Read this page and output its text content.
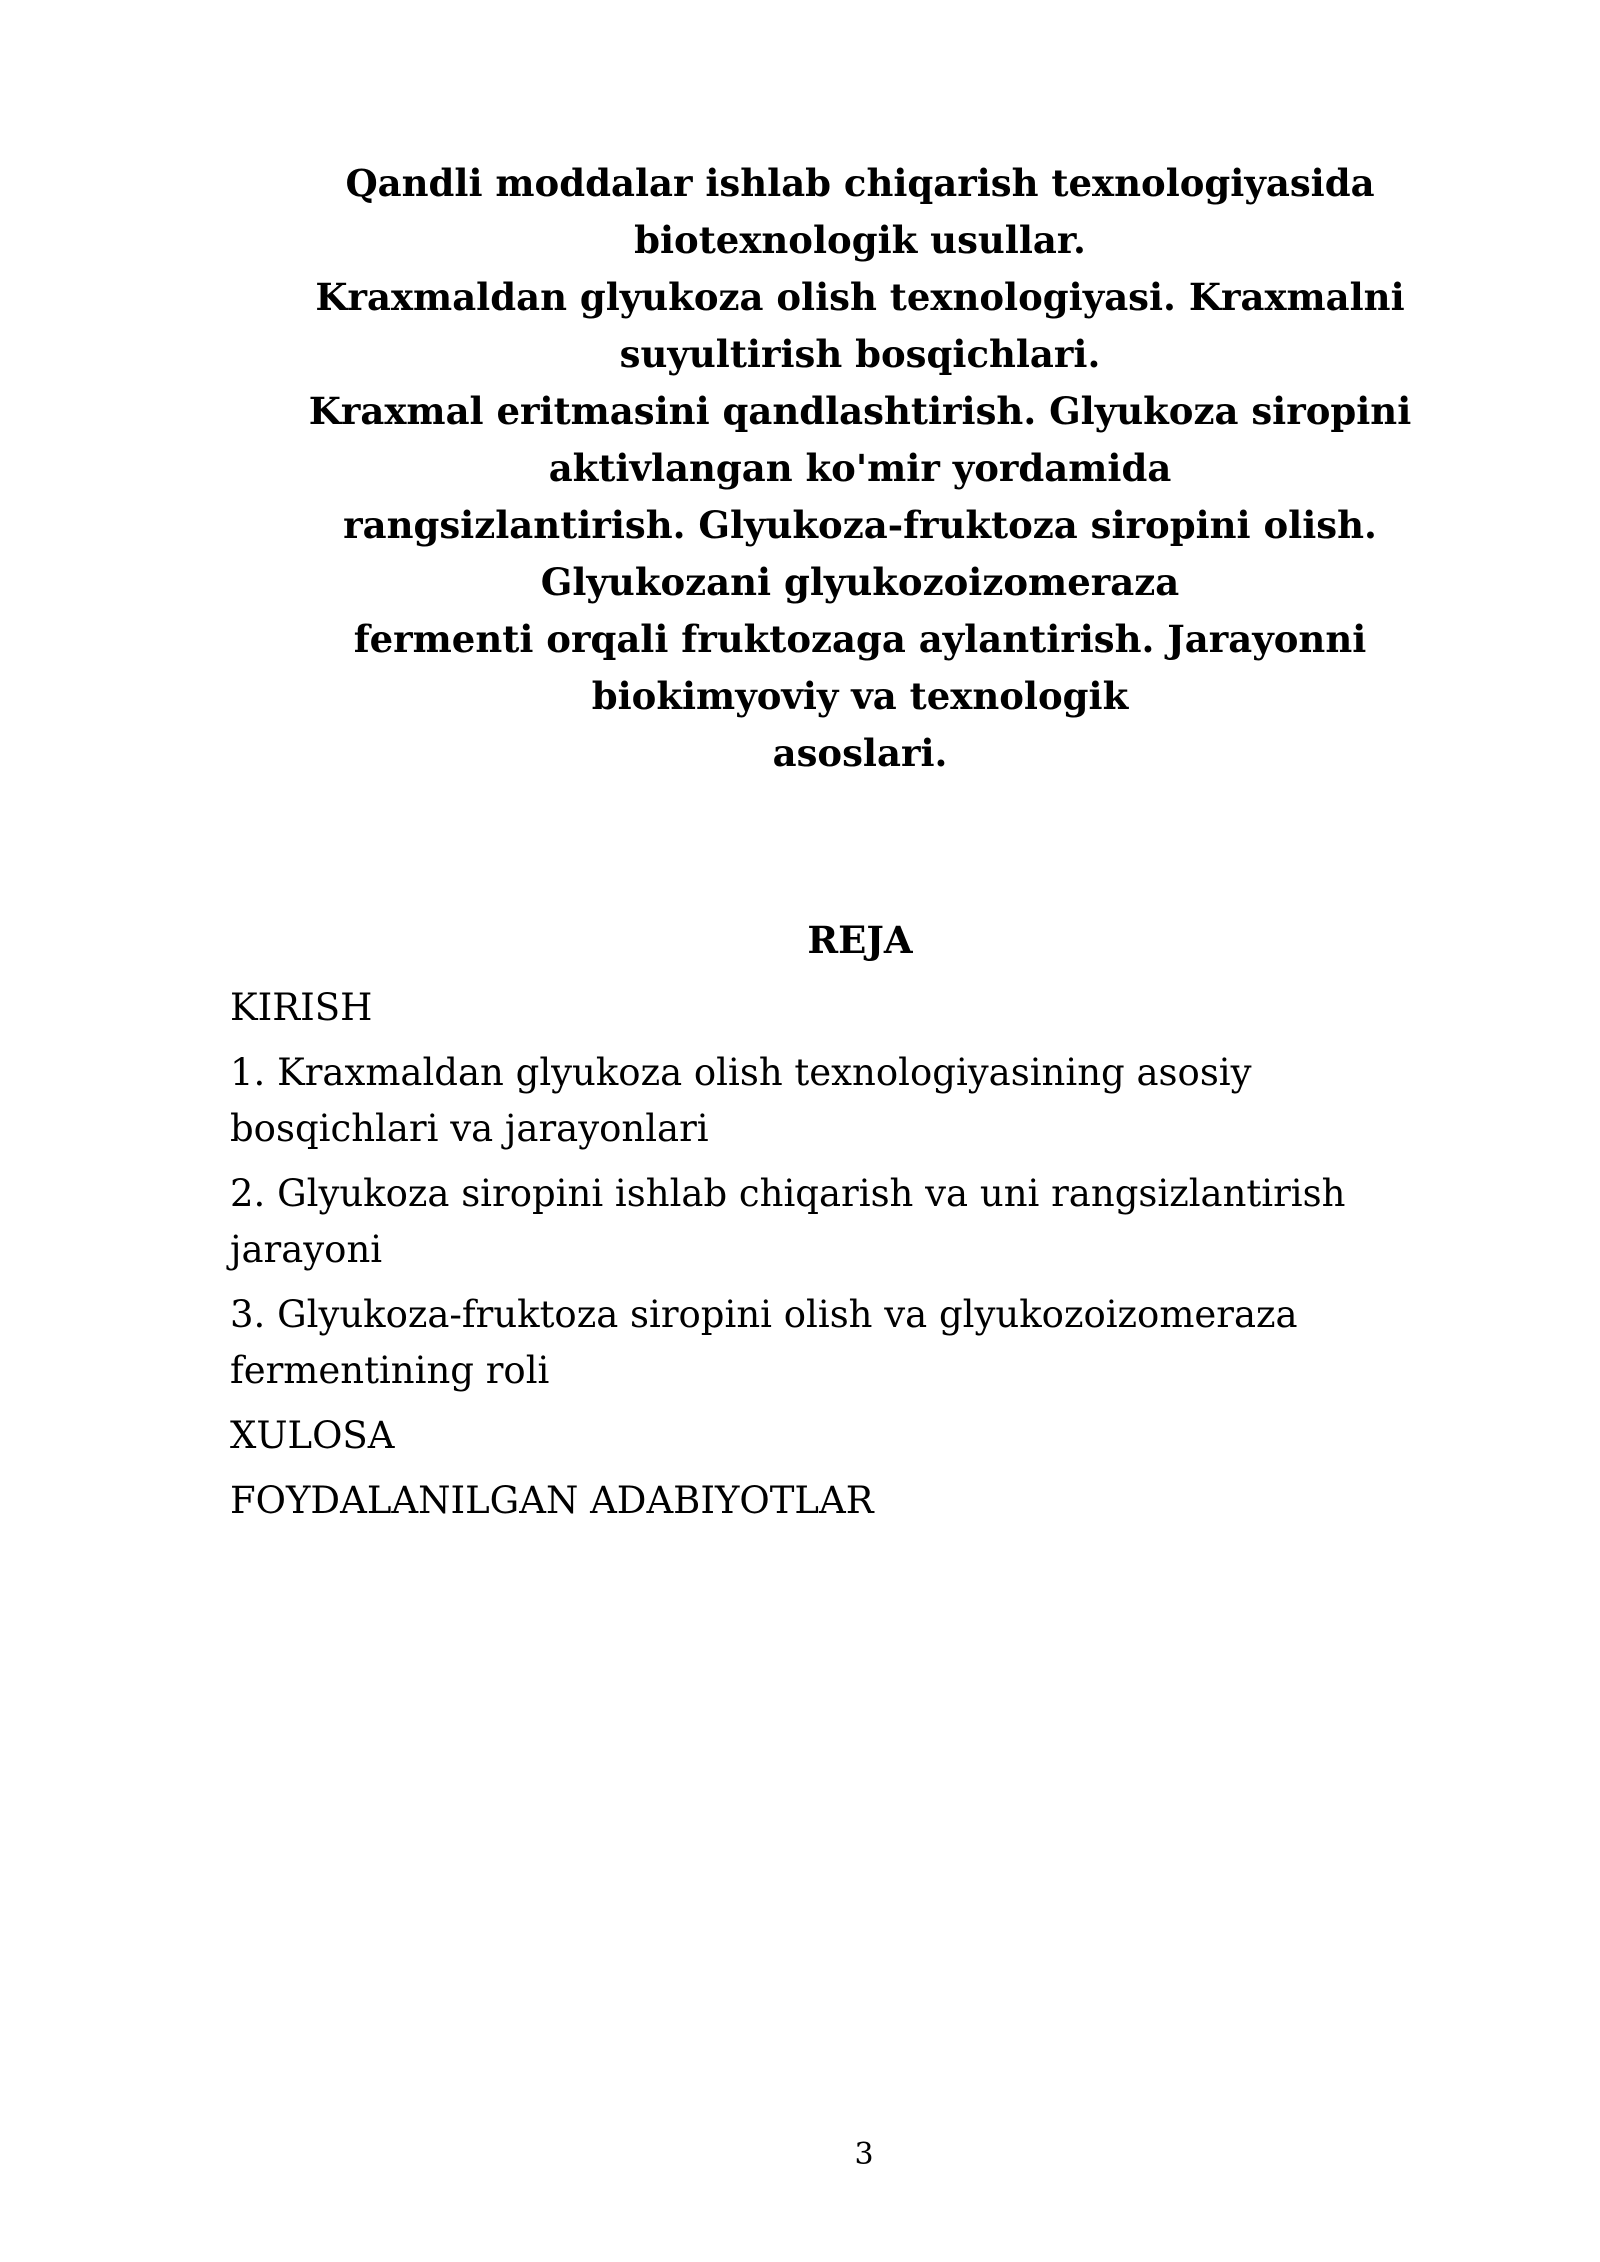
Qandli moddalar ishlab chiqarish texnologiyasida
biotexnologik usullar.
Kraxmaldan glyukoza olish texnologiyasi. Kraxmalni
suyultirish bosqichlari.
Kraxmal eritmasini qandlashtirish. Glyukoza siropini
aktivlangan ko'mir yordamida
rangsizlantirish. Glyukoza-fruktoza siropini olish.
Glyukozani glyukozoizomeraza
fermenti orqali fruktozaga aylantirish. Jarayonni
biokimyoviy va texnologik
asoslari.
REJA

KIRISH

1. Kraxmaldan glyukoza olish texnologiyasining asosiy bosqichlari va jarayonlari

2. Glyukoza siropini ishlab chiqarish va uni rangsizlantirish jarayoni

3. Glyukoza-fruktoza siropini olish va glyukozoizomeraza fermentining roli

XULOSA

FOYDALANILGAN ADABIYOTLAR

3
